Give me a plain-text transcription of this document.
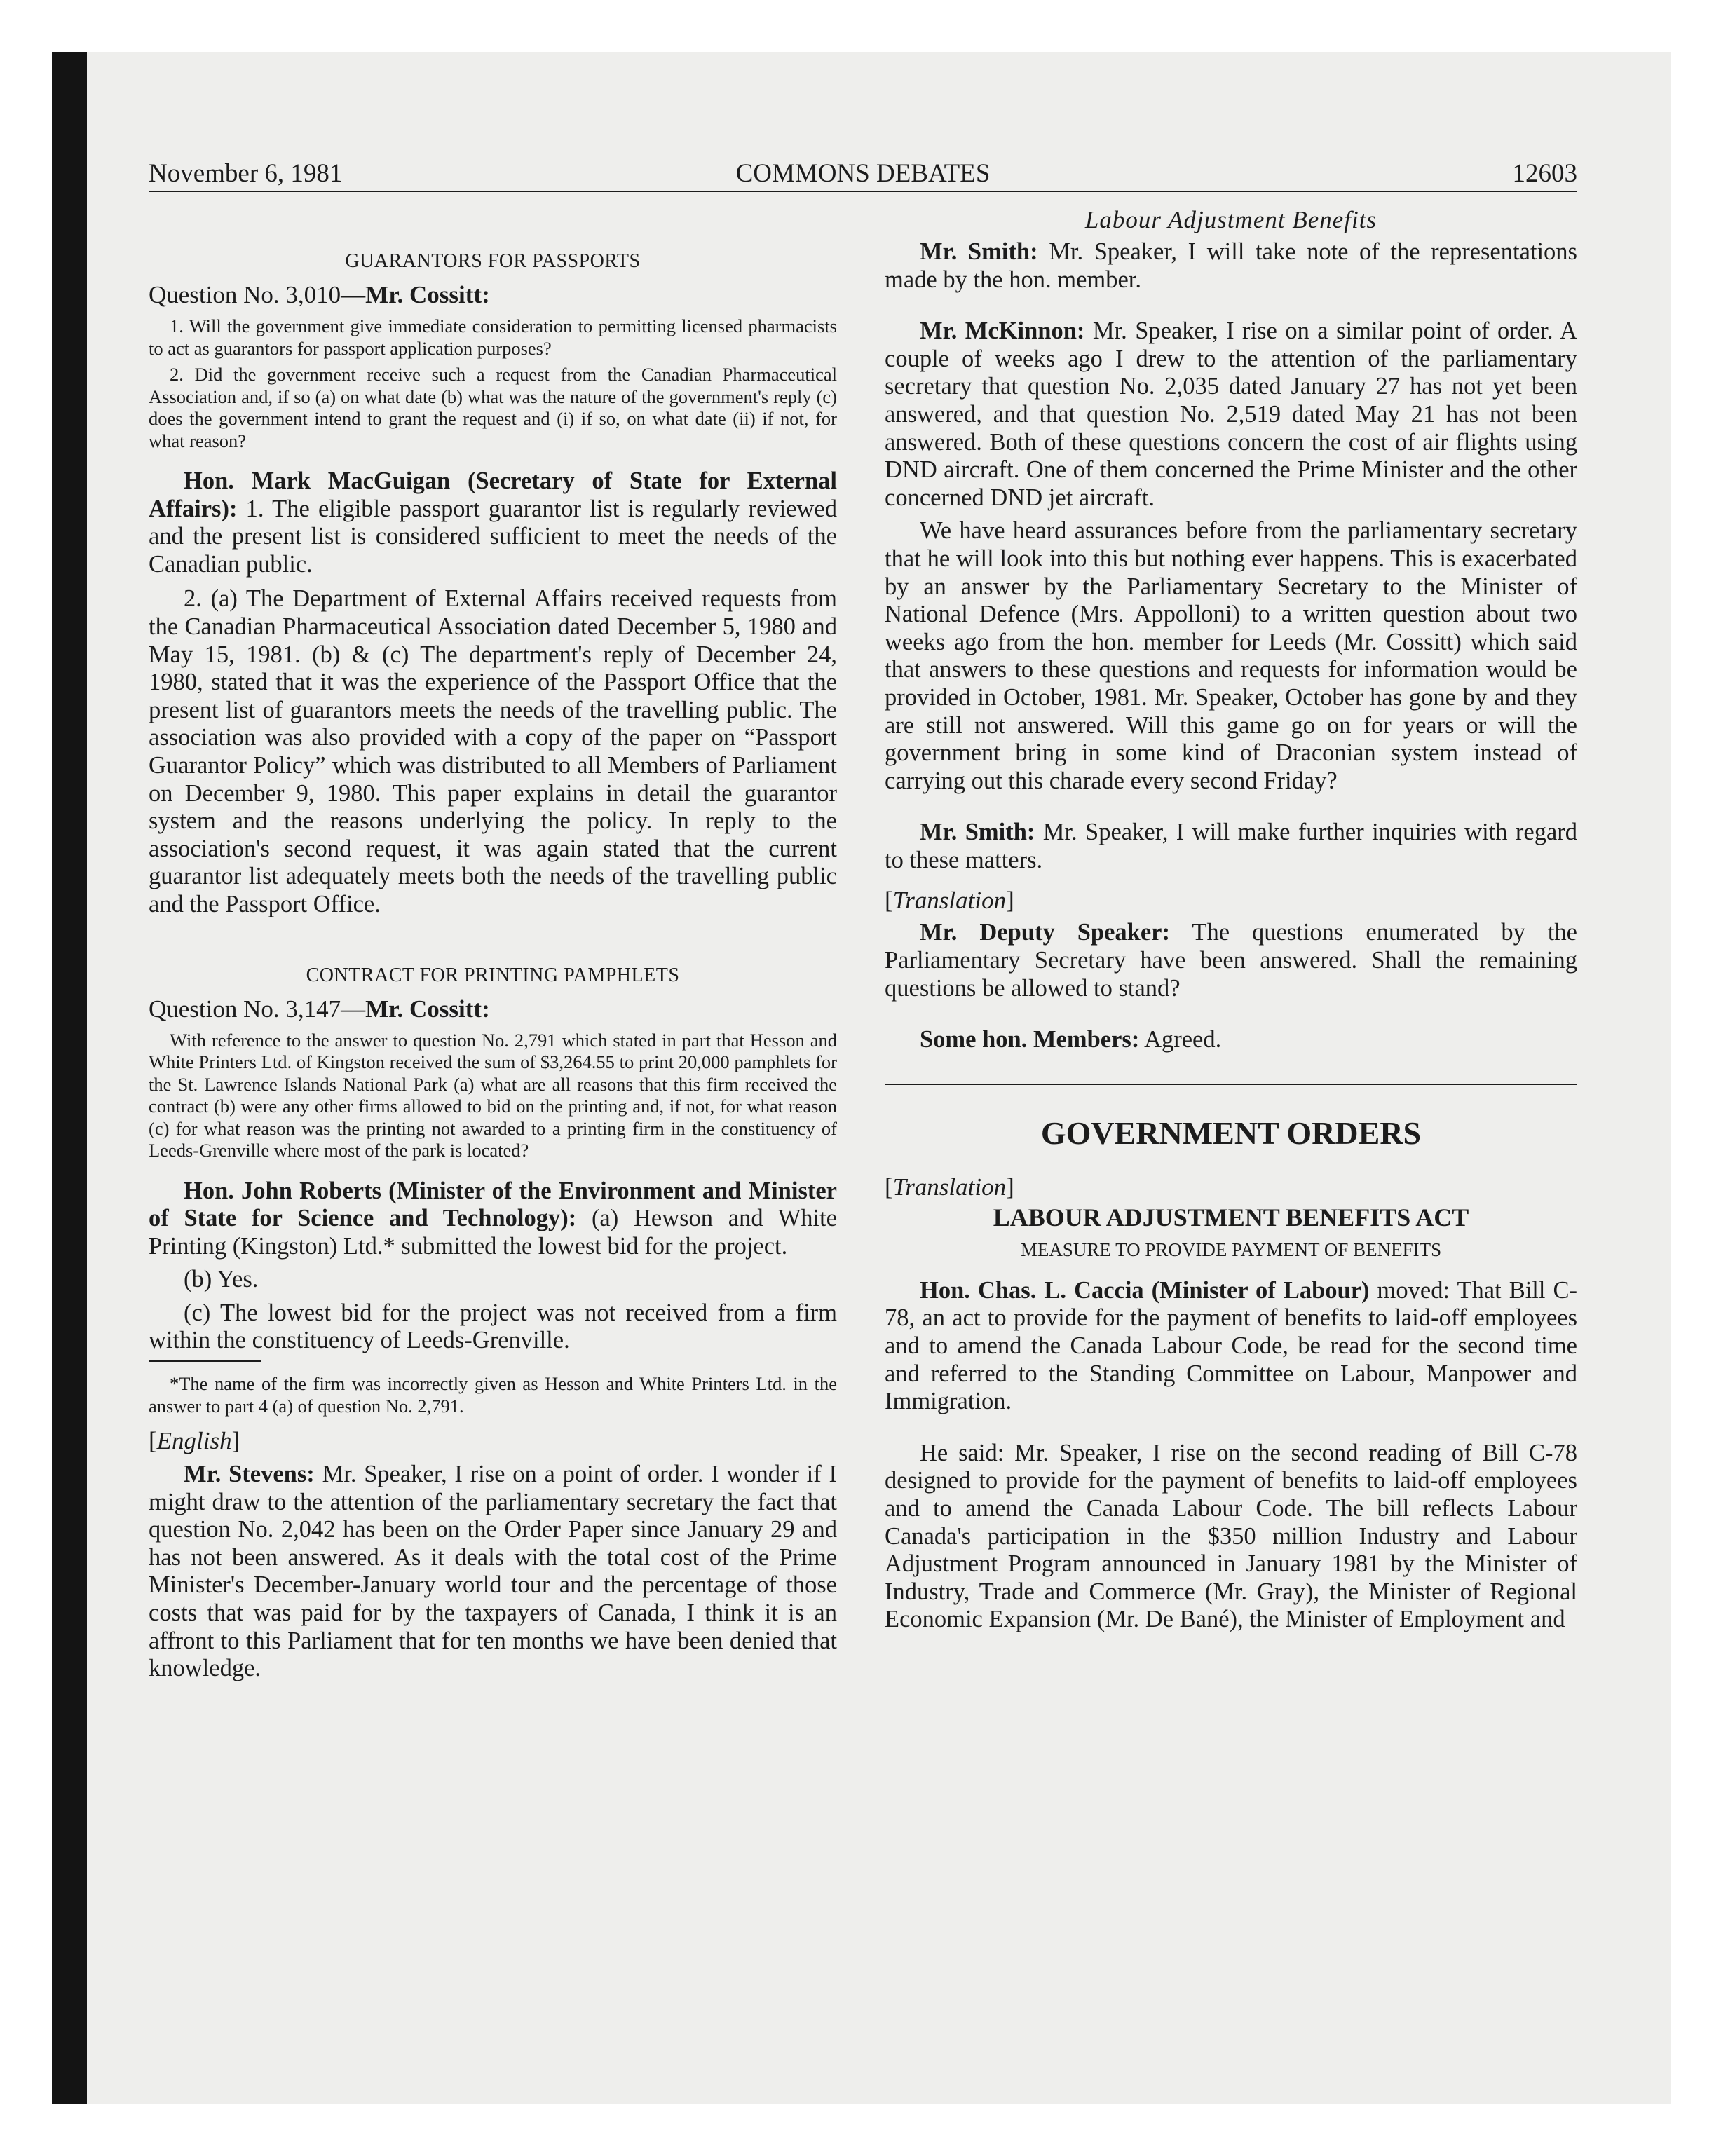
November 6, 1981	COMMONS DEBATES	12603

GUARANTORS FOR PASSPORTS

Question No. 3,010—Mr. Cossitt:

1. Will the government give immediate consideration to permitting licensed pharmacists to act as guarantors for passport application purposes?

2. Did the government receive such a request from the Canadian Pharmaceutical Association and, if so (a) on what date (b) what was the nature of the government's reply (c) does the government intend to grant the request and (i) if so, on what date (ii) if not, for what reason?

Hon. Mark MacGuigan (Secretary of State for External Affairs): 1. The eligible passport guarantor list is regularly reviewed and the present list is considered sufficient to meet the needs of the Canadian public.

2. (a) The Department of External Affairs received requests from the Canadian Pharmaceutical Association dated December 5, 1980 and May 15, 1981. (b) & (c) The department's reply of December 24, 1980, stated that it was the experience of the Passport Office that the present list of guarantors meets the needs of the travelling public. The association was also provided with a copy of the paper on “Passport Guarantor Policy” which was distributed to all Members of Parliament on December 9, 1980. This paper explains in detail the guarantor system and the reasons underlying the policy. In reply to the association's second request, it was again stated that the current guarantor list adequately meets both the needs of the travelling public and the Passport Office.

CONTRACT FOR PRINTING PAMPHLETS

Question No. 3,147—Mr. Cossitt:

With reference to the answer to question No. 2,791 which stated in part that Hesson and White Printers Ltd. of Kingston received the sum of $3,264.55 to print 20,000 pamphlets for the St. Lawrence Islands National Park (a) what are all reasons that this firm received the contract (b) were any other firms allowed to bid on the printing and, if not, for what reason (c) for what reason was the printing not awarded to a printing firm in the constituency of Leeds-Grenville where most of the park is located?

Hon. John Roberts (Minister of the Environment and Minister of State for Science and Technology): (a) Hewson and White Printing (Kingston) Ltd.* submitted the lowest bid for the project.

(b) Yes.

(c) The lowest bid for the project was not received from a firm within the constituency of Leeds-Grenville.

*The name of the firm was incorrectly given as Hesson and White Printers Ltd. in the answer to part 4 (a) of question No. 2,791.

[English]

Mr. Stevens: Mr. Speaker, I rise on a point of order. I wonder if I might draw to the attention of the parliamentary secretary the fact that question No. 2,042 has been on the Order Paper since January 29 and has not been answered. As it deals with the total cost of the Prime Minister's December-January world tour and the percentage of those costs that was paid for by the taxpayers of Canada, I think it is an affront to this Parliament that for ten months we have been denied that knowledge.

Labour Adjustment Benefits

Mr. Smith: Mr. Speaker, I will take note of the representations made by the hon. member.

Mr. McKinnon: Mr. Speaker, I rise on a similar point of order. A couple of weeks ago I drew to the attention of the parliamentary secretary that question No. 2,035 dated January 27 has not yet been answered, and that question No. 2,519 dated May 21 has not been answered. Both of these questions concern the cost of air flights using DND aircraft. One of them concerned the Prime Minister and the other concerned DND jet aircraft.

We have heard assurances before from the parliamentary secretary that he will look into this but nothing ever happens. This is exacerbated by an answer by the Parliamentary Secretary to the Minister of National Defence (Mrs. Appolloni) to a written question about two weeks ago from the hon. member for Leeds (Mr. Cossitt) which said that answers to these questions and requests for information would be provided in October, 1981. Mr. Speaker, October has gone by and they are still not answered. Will this game go on for years or will the government bring in some kind of Draconian system instead of carrying out this charade every second Friday?

Mr. Smith: Mr. Speaker, I will make further inquiries with regard to these matters.

[Translation]

Mr. Deputy Speaker: The questions enumerated by the Parliamentary Secretary have been answered. Shall the remaining questions be allowed to stand?

Some hon. Members: Agreed.

GOVERNMENT ORDERS

[Translation]

LABOUR ADJUSTMENT BENEFITS ACT

MEASURE TO PROVIDE PAYMENT OF BENEFITS

Hon. Chas. L. Caccia (Minister of Labour) moved: That Bill C-78, an act to provide for the payment of benefits to laid-off employees and to amend the Canada Labour Code, be read for the second time and referred to the Standing Committee on Labour, Manpower and Immigration.

He said: Mr. Speaker, I rise on the second reading of Bill C-78 designed to provide for the payment of benefits to laid-off employees and to amend the Canada Labour Code. The bill reflects Labour Canada's participation in the $350 million Industry and Labour Adjustment Program announced in January 1981 by the Minister of Industry, Trade and Commerce (Mr. Gray), the Minister of Regional Economic Expansion (Mr. De Bané), the Minister of Employment and
